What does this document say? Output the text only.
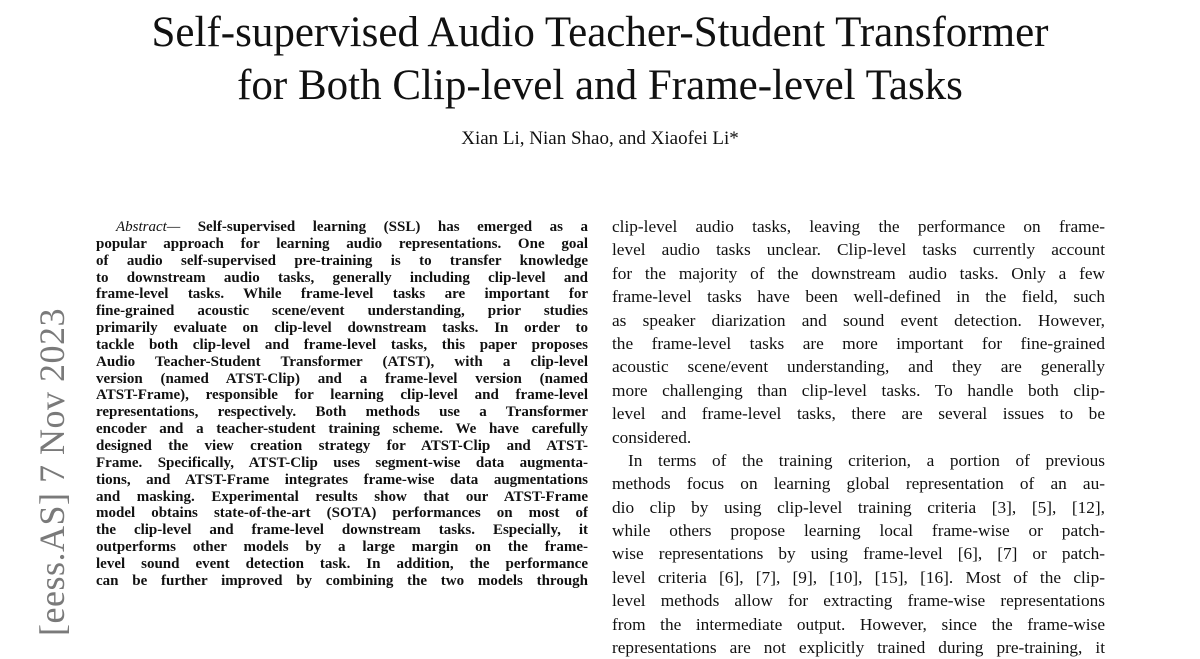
Self-supervised Audio Teacher-Student Transformer
for Both Clip-level and Frame-level Tasks
Xian Li, Nian Shao, and Xiaofei Li*
[eess.AS] 7 Nov 2023
Abstract— Self-supervised learning (SSL) has emerged as a
popular approach for learning audio representations. One goal
of audio self-supervised pre-training is to transfer knowledge
to downstream audio tasks, generally including clip-level and
frame-level tasks. While frame-level tasks are important for
fine-grained acoustic scene/event understanding, prior studies
primarily evaluate on clip-level downstream tasks. In order to
tackle both clip-level and frame-level tasks, this paper proposes
Audio Teacher-Student Transformer (ATST), with a clip-level
version (named ATST-Clip) and a frame-level version (named
ATST-Frame), responsible for learning clip-level and frame-level
representations, respectively. Both methods use a Transformer
encoder and a teacher-student training scheme. We have carefully
designed the view creation strategy for ATST-Clip and ATST-
Frame. Specifically, ATST-Clip uses segment-wise data augmenta-
tions, and ATST-Frame integrates frame-wise data augmentations
and masking. Experimental results show that our ATST-Frame
model obtains state-of-the-art (SOTA) performances on most of
the clip-level and frame-level downstream tasks. Especially, it
outperforms other models by a large margin on the frame-
level sound event detection task. In addition, the performance
can be further improved by combining the two models through
clip-level audio tasks, leaving the performance on frame-
level audio tasks unclear. Clip-level tasks currently account
for the majority of the downstream audio tasks. Only a few
frame-level tasks have been well-defined in the field, such
as speaker diarization and sound event detection. However,
the frame-level tasks are more important for fine-grained
acoustic scene/event understanding, and they are generally
more challenging than clip-level tasks. To handle both clip-
level and frame-level tasks, there are several issues to be
considered.
In terms of the training criterion, a portion of previous
methods focus on learning global representation of an au-
dio clip by using clip-level training criteria [3], [5], [12],
while others propose learning local frame-wise or patch-
wise representations by using frame-level [6], [7] or patch-
level criteria [6], [7], [9], [10], [15], [16]. Most of the clip-
level methods allow for extracting frame-wise representations
from the intermediate output. However, since the frame-wise
representations are not explicitly trained during pre-training, it
